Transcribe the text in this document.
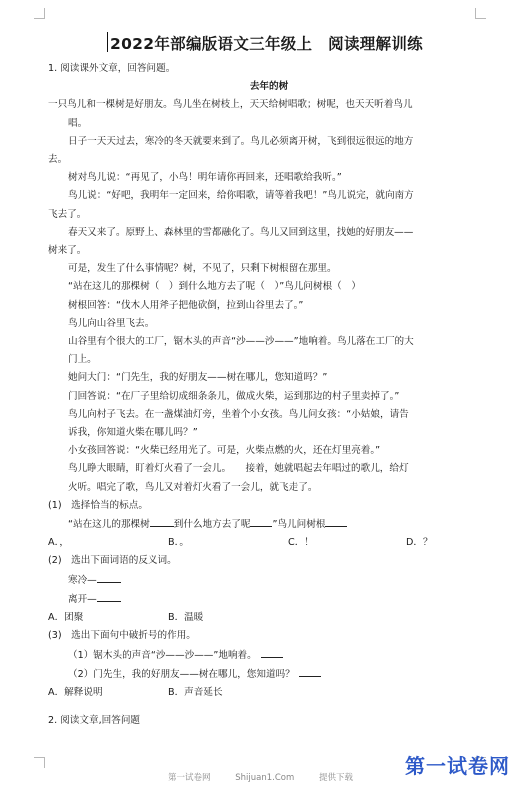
2022年部编版语文三年级上　阅读理解训练
1. 阅读课外文章，回答问题。
去年的树
一只鸟儿和一棵树是好朋友。鸟儿坐在树枝上，天天给树唱歌；树呢，也天天听着鸟儿
唱。
日子一天天过去，寒冷的冬天就要来到了。鸟儿必须离开树，飞到很远很远的地方
去。
树对鸟儿说：“再见了，小鸟！明年请你再回来，还唱歌给我听。”
鸟儿说：“好吧，我明年一定回来，给你唱歌，请等着我吧！”鸟儿说完，就向南方
飞去了。
春天又来了。原野上、森林里的雪都融化了。鸟儿又回到这里，找她的好朋友——
树来了。
可是，发生了什么事情呢？树，不见了，只剩下树根留在那里。
“站在这儿的那棵树（　）到什么地方去了呢（　）”鸟儿问树根（　）
树根回答：“伐木人用斧子把他砍倒，拉到山谷里去了。”
鸟儿向山谷里飞去。
山谷里有个很大的工厂，锯木头的声音“沙——沙——”地响着。鸟儿落在工厂的大
门上。
她问大门：“门先生，我的好朋友——树在哪儿，您知道吗？”
门回答说：“在厂子里给切成细条条儿，做成火柴，运到那边的村子里卖掉了。”
鸟儿向村子飞去。在一盏煤油灯旁，坐着个小女孩。鸟儿问女孩：“小姑娘，请告
诉我，你知道火柴在哪儿吗？”
小女孩回答说：“火柴已经用光了。可是，火柴点燃的火，还在灯里亮着。”
鸟儿睁大眼睛，盯着灯火看了一会儿。　　接着，她就唱起去年唱过的歌儿，给灯
火听。唱完了歌，鸟儿又对着灯火看了一会儿，就飞走了。
(1)　选择恰当的标点。
“站在这儿的那棵树	到什么地方去了呢 ”鸟儿问树根
A．，	B．。	C．！	D．？
(2)　选出下面词语的反义词。
寒冷—
离开—
A．团聚	B．温暖
(3)　选出下面句中破折号的作用。
（1）锯木头的声音“沙——沙——”地响着。
（2）门先生，我的好朋友——树在哪儿，您知道吗？
A．解释说明	B．声音延长
2. 阅读文章,回答问题
第一试卷网	Shijuan1.Com	提供下载	第一试卷网
